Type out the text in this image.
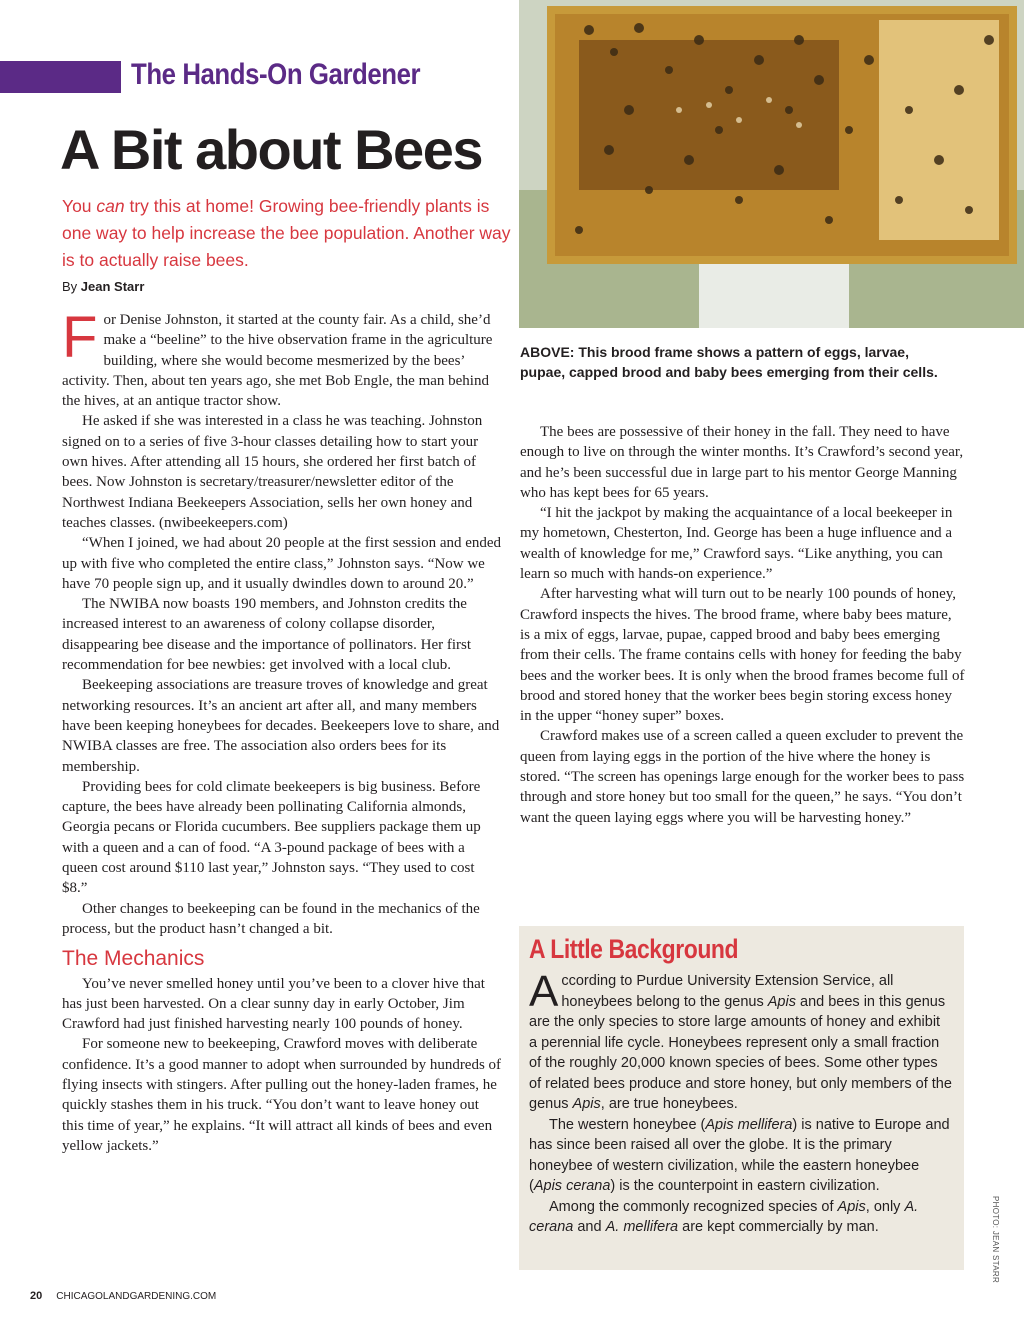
The Hands-On Gardener
A Bit about Bees

You can try this at home! Growing bee-friendly plants is one way to help increase the bee population. Another way is to actually raise bees.

By Jean Starr

For Denise Johnston, it started at the county fair. As a child, she’d make a “beeline” to the hive observation frame in the agriculture building, where she would become mesmerized by the bees’ activity. Then, about ten years ago, she met Bob Engle, the man behind the hives, at an antique tractor show.

He asked if she was interested in a class he was teaching. Johnston signed on to a series of five 3-hour classes detailing how to start your own hives. After attending all 15 hours, she ordered her first batch of bees. Now Johnston is secretary/treasurer/newsletter editor of the Northwest Indiana Beekeepers Association, sells her own honey and teaches classes. (nwibeekeepers.com)

“When I joined, we had about 20 people at the first session and ended up with five who completed the entire class,” Johnston says. “Now we have 70 people sign up, and it usually dwindles down to around 20.”

The NWIBA now boasts 190 members, and Johnston credits the increased interest to an awareness of colony collapse disorder, disappearing bee disease and the importance of pollinators. Her first recommendation for bee newbies: get involved with a local club.

Beekeeping associations are treasure troves of knowledge and great networking resources. It’s an ancient art after all, and many members have been keeping honeybees for decades. Beekeepers love to share, and NWIBA classes are free. The association also orders bees for its membership.

Providing bees for cold climate beekeepers is big business. Before capture, the bees have already been pollinating California almonds, Georgia pecans or Florida cucumbers. Bee suppliers package them up with a queen and a can of food. “A 3-pound package of bees with a queen cost around $110 last year,” Johnston says. “They used to cost $8.”

Other changes to beekeeping can be found in the mechanics of the process, but the product hasn’t changed a bit.

The Mechanics

You’ve never smelled honey until you’ve been to a clover hive that has just been harvested. On a clear sunny day in early October, Jim Crawford had just finished harvesting nearly 100 pounds of honey.

For someone new to beekeeping, Crawford moves with deliberate confidence. It’s a good manner to adopt when surrounded by hundreds of flying insects with stingers. After pulling out the honey-laden frames, he quickly stashes them in his truck. “You don’t want to leave honey out this time of year,” he explains. “It will attract all kinds of bees and even yellow jackets.”

ABOVE: This brood frame shows a pattern of eggs, larvae, pupae, capped brood and baby bees emerging from their cells.

The bees are possessive of their honey in the fall. They need to have enough to live on through the winter months. It’s Crawford’s second year, and he’s been successful due in large part to his mentor George Manning who has kept bees for 65 years.

“I hit the jackpot by making the acquaintance of a local beekeeper in my hometown, Chesterton, Ind. George has been a huge influence and a wealth of knowledge for me,” Crawford says. “Like anything, you can learn so much with hands-on experience.”

After harvesting what will turn out to be nearly 100 pounds of honey, Crawford inspects the hives. The brood frame, where baby bees mature, is a mix of eggs, larvae, pupae, capped brood and baby bees emerging from their cells. The frame contains cells with honey for feeding the baby bees and the worker bees. It is only when the brood frames become full of brood and stored honey that the worker bees begin storing excess honey in the upper “honey super” boxes.

Crawford makes use of a screen called a queen excluder to prevent the queen from laying eggs in the portion of the hive where the honey is stored. “The screen has openings large enough for the worker bees to pass through and store honey but too small for the queen,” he says. “You don’t want the queen laying eggs where you will be harvesting honey.”

A Little Background

According to Purdue University Extension Service, all honeybees belong to the genus Apis and bees in this genus are the only species to store large amounts of honey and exhibit a perennial life cycle. Honeybees represent only a small fraction of the roughly 20,000 known species of bees. Some other types of related bees produce and store honey, but only members of the genus Apis, are true honeybees.

The western honeybee (Apis mellifera) is native to Europe and has since been raised all over the globe. It is the primary honeybee of western civilization, while the eastern honeybee (Apis cerana) is the counterpoint in eastern civilization.

Among the commonly recognized species of Apis, only A. cerana and A. mellifera are kept commercially by man.	PHOTO: JEAN STARR
20 CHICAGOLANDGARDENING.COM
